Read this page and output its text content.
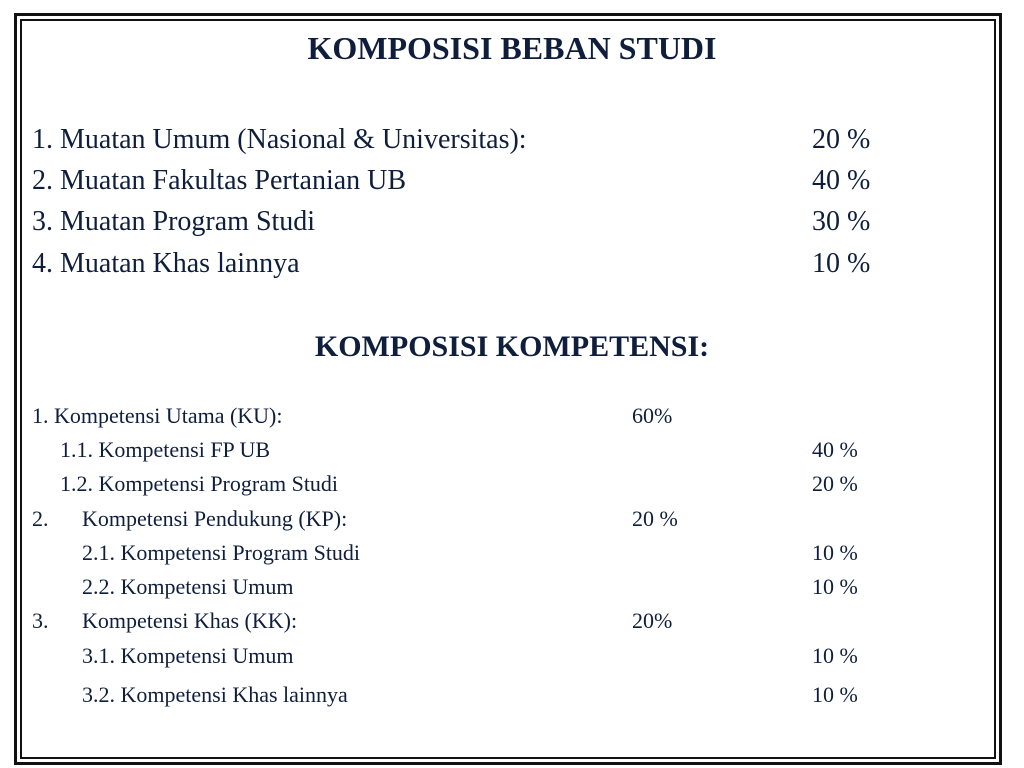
KOMPOSISI BEBAN STUDI
1. Muatan Umum (Nasional & Universitas):	20 %
2. Muatan Fakultas Pertanian UB	40 %
3. Muatan Program Studi	30 %
4. Muatan Khas lainnya	10 %
KOMPOSISI KOMPETENSI:
1. Kompetensi Utama (KU):	60%
1.1. Kompetensi FP UB	40 %
1.2. Kompetensi Program Studi	20 %
2. Kompetensi Pendukung (KP):	20 %
2.1. Kompetensi Program Studi	10 %
2.2. Kompetensi Umum	10 %
3. Kompetensi Khas (KK):	20%
3.1. Kompetensi Umum	10 %
3.2. Kompetensi Khas lainnya	10 %
